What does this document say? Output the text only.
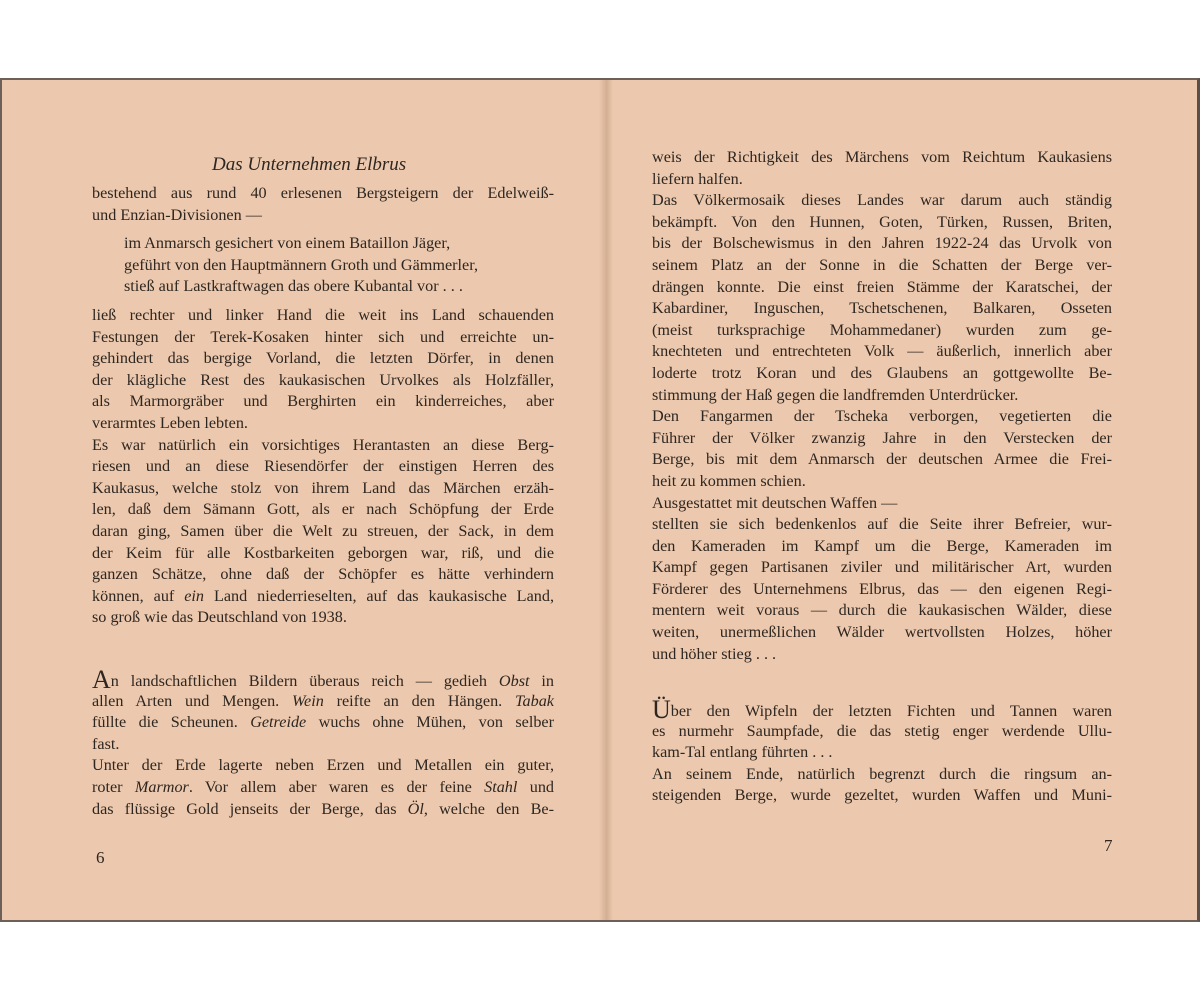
Das Unternehmen Elbrus
bestehend aus rund 40 erlesenen Bergsteigern der Edelweiß-
und Enzian-Divisionen —
im Anmarsch gesichert von einem Bataillon Jäger,
geführt von den Hauptmännern Groth und Gämmerler,
stieß auf Lastkraftwagen das obere Kubantal vor . . .
ließ rechter und linker Hand die weit ins Land schauenden
Festungen der Terek-Kosaken hinter sich und erreichte un-
gehindert das bergige Vorland, die letzten Dörfer, in denen
der klägliche Rest des kaukasischen Urvolkes als Holzfäller,
als Marmorgräber und Berghirten ein kinderreiches, aber
verarmtes Leben lebten.
Es war natürlich ein vorsichtiges Herantasten an diese Berg-
riesen und an diese Riesendörfer der einstigen Herren des
Kaukasus, welche stolz von ihrem Land das Märchen erzäh-
len, daß dem Sämann Gott, als er nach Schöpfung der Erde
daran ging, Samen über die Welt zu streuen, der Sack, in dem
der Keim für alle Kostbarkeiten geborgen war, riß, und die
ganzen Schätze, ohne daß der Schöpfer es hätte verhindern
können, auf ein Land niederrieselten, auf das kaukasische Land,
so groß wie das Deutschland von 1938.
An landschaftlichen Bildern überaus reich — gedieh Obst in
allen Arten und Mengen. Wein reifte an den Hängen. Tabak
füllte die Scheunen. Getreide wuchs ohne Mühen, von selber
fast.
Unter der Erde lagerte neben Erzen und Metallen ein guter,
roter Marmor. Vor allem aber waren es der feine Stahl und
das flüssige Gold jenseits der Berge, das Öl, welche den Be-
6
weis der Richtigkeit des Märchens vom Reichtum Kaukasiens
liefern halfen.
Das Völkermosaik dieses Landes war darum auch ständig
bekämpft. Von den Hunnen, Goten, Türken, Russen, Briten,
bis der Bolschewismus in den Jahren 1922-24 das Urvolk von
seinem Platz an der Sonne in die Schatten der Berge ver-
drängen konnte. Die einst freien Stämme der Karatschei, der
Kabardiner, Inguschen, Tschetschenen, Balkaren, Osseten
(meist turksprachige Mohammedaner) wurden zum ge-
knechteten und entrechteten Volk — äußerlich, innerlich aber
loderte trotz Koran und des Glaubens an gottgewollte Be-
stimmung der Haß gegen die landfremden Unterdrücker.
Den Fangarmen der Tscheka verborgen, vegetierten die
Führer der Völker zwanzig Jahre in den Verstecken der
Berge, bis mit dem Anmarsch der deutschen Armee die Frei-
heit zu kommen schien.
Ausgestattet mit deutschen Waffen —
stellten sie sich bedenkenlos auf die Seite ihrer Befreier, wur-
den Kameraden im Kampf um die Berge, Kameraden im
Kampf gegen Partisanen ziviler und militärischer Art, wurden
Förderer des Unternehmens Elbrus, das — den eigenen Regi-
mentern weit voraus — durch die kaukasischen Wälder, diese
weiten, unermeßlichen Wälder wertvollsten Holzes, höher
und höher stieg . . .
Über den Wipfeln der letzten Fichten und Tannen waren
es nurmehr Saumpfade, die das stetig enger werdende Ullu-
kam-Tal entlang führten . . .
An seinem Ende, natürlich begrenzt durch die ringsum an-
steigenden Berge, wurde gezeltet, wurden Waffen und Muni-
7
